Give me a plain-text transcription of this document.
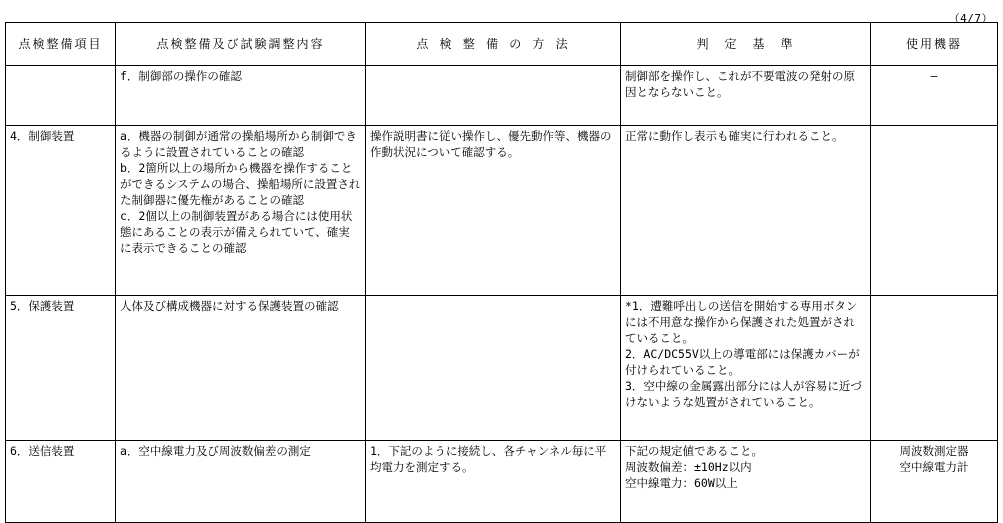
（4/7）
点検整備項目	点検整備及び試験調整内容	点 検 整 備 の 方 法	判　定　基　準	使用機器

	f．制御部の操作の確認		制御部を操作し、これが不要電波の発射の原因とならないこと。	—

4．制御装置	a．機器の制御が通常の操船場所から制御できるように設置されていることの確認
b．2箇所以上の場所から機器を操作することができるシステムの場合、操船場所に設置された制御器に優先権があることの確認
c．2個以上の制御装置がある場合には使用状態にあることの表示が備えられていて、確実に表示できることの確認	操作説明書に従い操作し、優先動作等、機器の作動状況について確認する。	正常に動作し表示も確実に行われること。	

5．保護装置	人体及び構成機器に対する保護装置の確認		*1．遭難呼出しの送信を開始する専用ボタンには不用意な操作から保護された処置がされていること。
2．AC/DC55V以上の導電部には保護カバーが付けられていること。
3．空中線の金属露出部分には人が容易に近づけないような処置がされていること。	

6．送信装置	a．空中線電力及び周波数偏差の測定	1．下記のように接続し、各チャンネル毎に平均電力を測定する。	下記の規定値であること。
周波数偏差：±10Hz以内
空中線電力：60W以上	周波数測定器
空中線電力計
